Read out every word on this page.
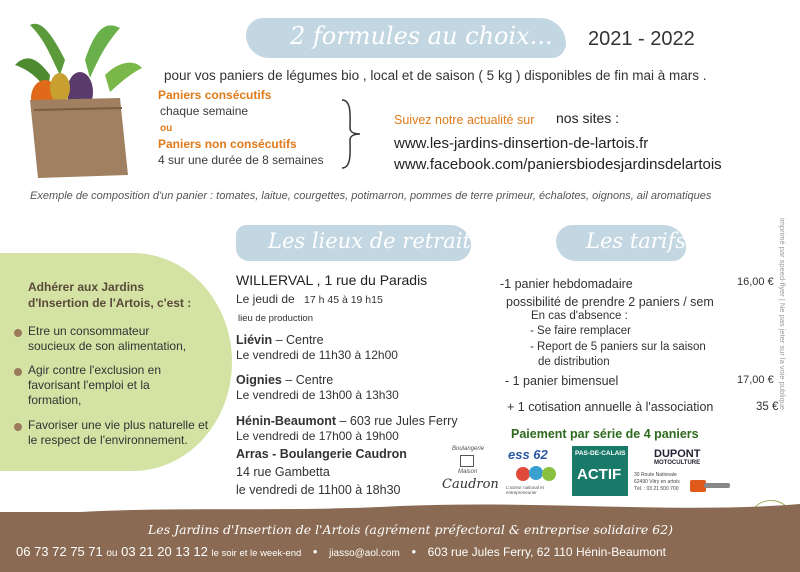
2 formules au choix... 2021 - 2022
pour vos paniers de légumes bio , local et de saison ( 5 kg ) disponibles de fin mai à mars .
Paniers consécutifs
chaque semaine
ou
Paniers non consécutifs
4 sur une durée de 8 semaines
Suivez notre actualité sur nos sites :
www.les-jardins-dinsertion-de-lartois.fr
www.facebook.com/paniersbiodesjardinsdelartois
Exemple de composition d'un panier : tomates, laitue, courgettes, potimarron, pommes de terre primeur, échalotes, oignons, ail aromatiques
Les lieux de retrait	Les tarifs
Adhérer aux Jardins d'Insertion de l'Artois, c'est :
Etre un consommateur soucieux de son alimentation,
Agir contre l'exclusion en favorisant l'emploi et la formation,
Favoriser une vie plus naturelle et le respect de l'environnement.
WILLERVAL , 1 rue du Paradis
Le jeudi de 17 h 45 à 19 h15
lieu de production
Liévin – Centre
Le vendredi de 11h30 à 12h00
Oignies – Centre
Le vendredi de 13h00 à 13h30
Hénin-Beaumont – 603 rue Jules Ferry
Le vendredi de 17h00 à 19h00
Arras - Boulangerie Caudron
14 rue Gambetta
le vendredi de 11h00 à 18h30
-1 panier hebdomadaire	16,00 €
possibilité de prendre 2 paniers / sem
En cas d'absence :
- Se faire remplacer
- Report de 5 paniers sur la saison
de distribution
- 1 panier bimensuel	17,00 €
+ 1 cotisation annuelle à l'association	35 €
Paiement par série de 4 paniers
Boulangerie
Maison
Caudron
ess 62
L'acteur national et entrepreneurier
PAS-DE-CALAIS
ACTIF
DUPONT
MOTOCULTURE
30 Route Nationale
62490 Vitry en artois
Tél. : 03 21 500 700
imprimé par speed-flyer | Ne pas jeter sur la voie publique.
Les Jardins d'Insertion de l'Artois (agrément préfectoral & entreprise solidaire 62)
06 73 72 75 71 ou 03 21 20 13 12 le soir et le week-end • jiasso@aol.com • 603 rue Jules Ferry, 62 110 Hénin-Beaumont
